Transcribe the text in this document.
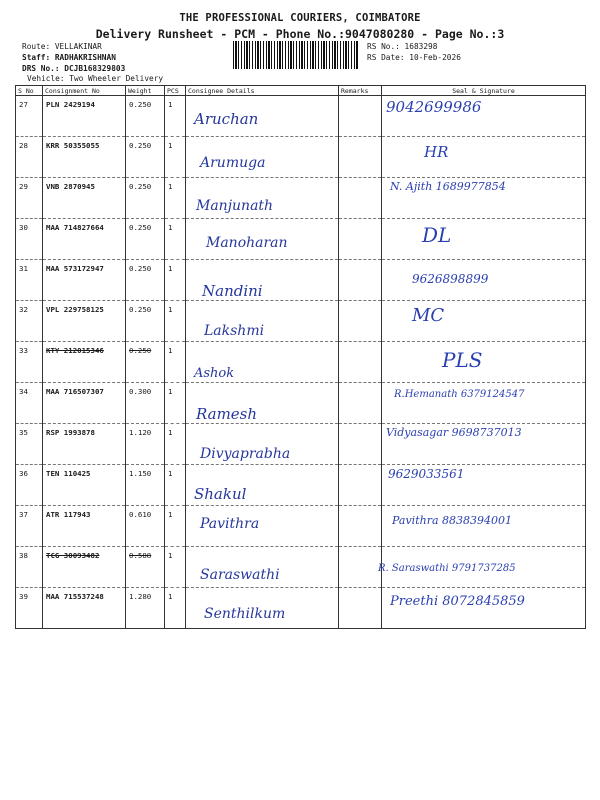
THE PROFESSIONAL COURIERS, COIMBATORE
Delivery Runsheet - PCM - Phone No.:9047080280 - Page No.:3
Route: VELLAKINAR
Staff: RADHAKRISHNAN
DRS No.: DCJB168329803
Vehicle: Two Wheeler Delivery
RS No.: 1683298
RS Date: 10-Feb-2026
S No	Consignment No	Weight	PCS	Consignee Details	Remarks	Seal & Signature
27	PLN 2429194	0.250	1	Aruchan		9042699986

28	KRR 50355055	0.250	1	Arumuga		HR

29	VNB 2870945	0.250	1	Manjunath		N. Ajith 1689977854

30	MAA 714827664	0.250	1	Manoharan		DL

31	MAA 573172947	0.250	1	Nandini		9626898899

32	VPL 229758125	0.250	1	Lakshmi		MC

33	KTY 212015346	0.250	1	Ashok		PLS

34	MAA 716507307	0.300	1	Ramesh		R.Hemanath 6379124547

35	RSP 1993878	1.120	1	Divyaprabha		Vidyasagar 9698737013

36	TEN 110425	1.150	1	Shakul		9629033561

37	ATR 117943	0.610	1	Pavithra		Pavithra 8838394001

38	TCG 30093482	0.588	1	Saraswathi		R. Saraswathi 9791737285

39	MAA 715537248	1.280	1	Senthilkum		Preethi 8072845859
